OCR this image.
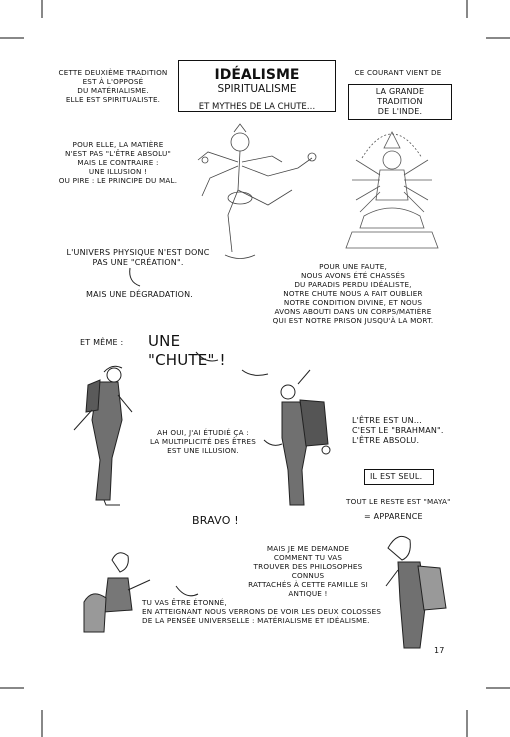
IDÉALISME SPIRITUALISME
ET MYTHES DE LA CHUTE…
CETTE DEUXIÈME TRADITION
EST À L'OPPOSÉ
DU MATÉRIALISME.
ELLE EST SPIRITUALISTE.
CE COURANT VIENT DE
LA GRANDE TRADITION
DE L'INDE.
POUR ELLE, LA MATIÈRE
N'EST PAS "L'ÊTRE ABSOLU"
MAIS LE CONTRAIRE :
UNE ILLUSION !
OU PIRE : LE PRINCIPE DU MAL.
L'UNIVERS PHYSIQUE N'EST DONC
PAS UNE "CRÉATION".
MAIS UNE DÉGRADATION.
ET MÊME :	UNE "CHUTE" !
POUR UNE FAUTE,
NOUS AVONS ÉTÉ CHASSÉS
DU PARADIS PERDU IDÉALISTE,
NOTRE CHUTE NOUS A FAIT OUBLIER
NOTRE CONDITION DIVINE, ET NOUS
AVONS ABOUTI DANS UN CORPS/MATIÈRE
QUI EST NOTRE PRISON JUSQU'À LA MORT.
AH OUI, J'AI ÉTUDIÉ ÇA :
LA MULTIPLICITÉ DES ÊTRES
EST UNE ILLUSION.
L'ÊTRE EST UN…
C'EST LE "BRAHMAN".
L'ÊTRE ABSOLU.
IL EST SEUL.
TOUT LE RESTE EST "MAYA"
= APPARENCE
BRAVO !
MAIS JE ME DEMANDE
COMMENT TU VAS
TROUVER DES PHILOSOPHES CONNUS
RATTACHÉS À CETTE FAMILLE SI ANTIQUE !
TU VAS ÊTRE ÉTONNÉ,
EN ATTEIGNANT NOUS VERRONS DE VOIR LES DEUX COLOSSES
DE LA PENSÉE UNIVERSELLE : MATÉRIALISME ET IDÉALISME.
17
